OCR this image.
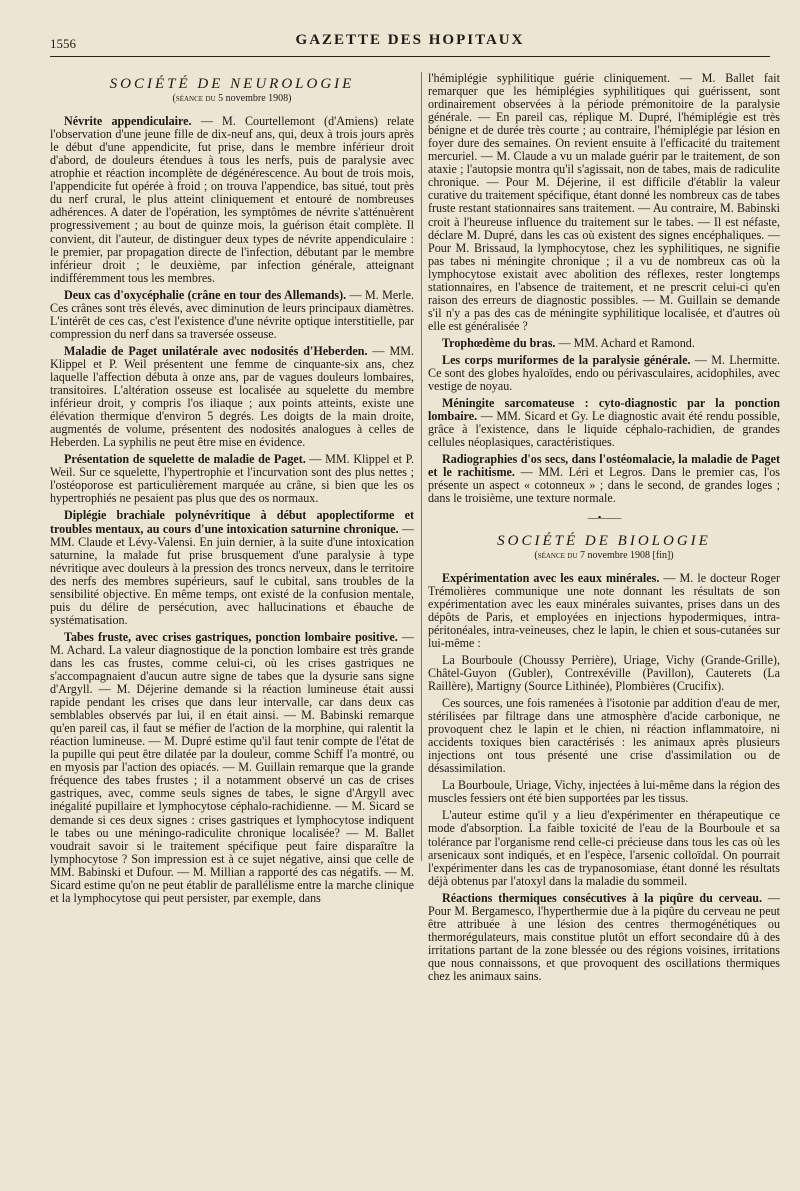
1556	GAZETTE DES HOPITAUX
SOCIÉTÉ DE NEUROLOGIE
(séance du 5 novembre 1908)

Névrite appendiculaire. — M. Courtellemont (d'Amiens) relate l'observation d'une jeune fille de dix-neuf ans, qui, deux à trois jours après le début d'une appendicite, fut prise, dans le membre inférieur droit d'abord, de douleurs étendues à tous les nerfs, puis de paralysie avec atrophie et réaction incomplète de dégénérescence. Au bout de trois mois, l'appendicite fut opérée à froid ; on trouva l'appendice, bas situé, tout près du nerf crural, le plus atteint cliniquement et entouré de nombreuses adhérences. A dater de l'opération, les symptômes de névrite s'atténuèrent progressivement ; au bout de quinze mois, la guérison était complète. Il convient, dit l'auteur, de distinguer deux types de névrite appendiculaire : le premier, par propagation directe de l'infection, débutant par le membre inférieur droit ; le deuxième, par infection générale, atteignant indifféremment tous les membres.

Deux cas d'oxycéphalie (crâne en tour des Allemands). — M. Merle. Ces crânes sont très élevés, avec diminution de leurs principaux diamètres. L'intérêt de ces cas, c'est l'existence d'une névrite optique interstitielle, par compression du nerf dans sa traversée osseuse.

Maladie de Paget unilatérale avec nodosités d'Heberden. — MM. Klippel et P. Weil présentent une femme de cinquante-six ans, chez laquelle l'affection débuta à onze ans, par de vagues douleurs lombaires, transitoires. L'altération osseuse est localisée au squelette du membre inférieur droit, y compris l'os iliaque ; aux points atteints, existe une élévation thermique d'environ 5 degrés. Les doigts de la main droite, augmentés de volume, présentent des nodosités analogues à celles de Heberden. La syphilis ne peut être mise en évidence.

Présentation de squelette de maladie de Paget. — MM. Klippel et P. Weil. Sur ce squelette, l'hypertrophie et l'incurvation sont des plus nettes ; l'ostéoporose est particulièrement marquée au crâne, si bien que les os hypertrophiés ne pesaient pas plus que des os normaux.

Diplégie brachiale polynévritique à début apoplectiforme et troubles mentaux, au cours d'une intoxication saturnine chronique. — MM. Claude et Lévy-Valensi. En juin dernier, à la suite d'une intoxication saturnine, la malade fut prise brusquement d'une paralysie à type névritique avec douleurs à la pression des troncs nerveux, dans le territoire des nerfs des membres supérieurs, sauf le cubital, sans troubles de la sensibilité objective. En même temps, ont existé de la confusion mentale, puis du délire de persécution, avec hallucinations et ébauche de systématisation.

Tabes fruste, avec crises gastriques, ponction lombaire positive. — M. Achard. La valeur diagnostique de la ponction lombaire est très grande dans les cas frustes, comme celui-ci, où les crises gastriques ne s'accompagnaient d'aucun autre signe de tabes que la dysurie sans signe d'Argyll. — M. Déjerine demande si la réaction lumineuse était aussi rapide pendant les crises que dans leur intervalle, car dans deux cas semblables observés par lui, il en était ainsi. — M. Babinski remarque qu'en pareil cas, il faut se méfier de l'action de la morphine, qui ralentit la réaction lumineuse. — M. Dupré estime qu'il faut tenir compte de l'état de la pupille qui peut être dilatée par la douleur, comme Schiff l'a montré, ou en myosis par l'action des opiacés. — M. Guillain remarque que la grande fréquence des tabes frustes ; il a notamment observé un cas de crises gastriques, avec, comme seuls signes de tabes, le signe d'Argyll avec inégalité pupillaire et lymphocytose céphalo-rachidienne. — M. Sicard se demande si ces deux signes : crises gastriques et lymphocytose indiquent le tabes ou une méningo-radiculite chronique localisée? — M. Ballet voudrait savoir si le traitement spécifique peut faire disparaître la lymphocytose ? Son impression est à ce sujet négative, ainsi que celle de MM. Babinski et Dufour. — M. Millian a rapporté des cas négatifs. — M. Sicard estime qu'on ne peut établir de parallélisme entre la marche clinique et la lymphocytose qui peut persister, par exemple, dans

l'hémiplégie syphilitique guérie cliniquement. — M. Ballet fait remarquer que les hémiplégies syphilitiques qui guérissent, sont ordinairement observées à la période prémonitoire de la paralysie générale. — En pareil cas, réplique M. Dupré, l'hémiplégie est très bénigne et de durée très courte ; au contraire, l'hémiplégie par lésion en foyer dure des semaines. On revient ensuite à l'efficacité du traitement mercuriel. — M. Claude a vu un malade guérir par le traitement, de son ataxie ; l'autopsie montra qu'il s'agissait, non de tabes, mais de radiculite chronique. — Pour M. Déjerine, il est difficile d'établir la valeur curative du traitement spécifique, étant donné les nombreux cas de tabes fruste restant stationnaires sans traitement. — Au contraire, M. Babinski croit à l'heureuse influence du traitement sur le tabes. — Il est néfaste, déclare M. Dupré, dans les cas où existent des signes encéphaliques. — Pour M. Brissaud, la lymphocytose, chez les syphilitiques, ne signifie pas tabes ni méningite chronique ; il a vu de nombreux cas où la lymphocytose existait avec abolition des réflexes, rester longtemps stationnaires, en l'absence de traitement, et ne prescrit celui-ci qu'en raison des erreurs de diagnostic possibles. — M. Guillain se demande s'il n'y a pas des cas de méningite syphilitique localisée, et d'autres où elle est généralisée ?

Trophœdème du bras. — MM. Achard et Ramond.

Les corps muriformes de la paralysie générale. — M. Lhermitte. Ce sont des globes hyaloïdes, endo ou périvasculaires, acidophiles, avec vestige de noyau.

Méningite sarcomateuse : cyto-diagnostic par la ponction lombaire. — MM. Sicard et Gy. Le diagnostic avait été rendu possible, grâce à l'existence, dans le liquide céphalo-rachidien, de grandes cellules néoplasiques, caractéristiques.

Radiographies d'os secs, dans l'ostéomalacie, la maladie de Paget et le rachitisme. — MM. Léri et Legros. Dans le premier cas, l'os présente un aspect « cotonneux » ; dans le second, de grandes loges ; dans le troisième, une texture normale.

—•——
SOCIÉTÉ DE BIOLOGIE
(séance du 7 novembre 1908 [fin])

Expérimentation avec les eaux minérales. — M. le docteur Roger Trémolières communique une note donnant les résultats de son expérimentation avec les eaux minérales suivantes, prises dans un des dépôts de Paris, et employées en injections hypodermiques, intra-péritonéales, intra-veineuses, chez le lapin, le chien et sous-cutanées sur lui-même :

La Bourboule (Choussy Perrière), Uriage, Vichy (Grande-Grille), Châtel-Guyon (Gubler), Contrexéville (Pavillon), Cauterets (La Raillère), Martigny (Source Lithinée), Plombières (Crucifix).

Ces sources, une fois ramenées à l'isotonie par addition d'eau de mer, stérilisées par filtrage dans une atmosphère d'acide carbonique, ne provoquent chez le lapin et le chien, ni réaction inflammatoire, ni accidents toxiques bien caractérisés : les animaux après plusieurs injections ont tous présenté une crise d'assimilation ou de désassimilation.

La Bourboule, Uriage, Vichy, injectées à lui-même dans la région des muscles fessiers ont été bien supportées par les tissus.

L'auteur estime qu'il y a lieu d'expérimenter en thérapeutique ce mode d'absorption. La faible toxicité de l'eau de la Bourboule et sa tolérance par l'organisme rend celle-ci précieuse dans tous les cas où les arsenicaux sont indiqués, et en l'espèce, l'arsenic colloïdal. On pourrait l'expérimenter dans les cas de trypanosomiase, étant donné les résultats déjà obtenus par l'atoxyl dans la maladie du sommeil.

Réactions thermiques consécutives à la piqûre du cerveau. — Pour M. Bergamesco, l'hyperthermie due à la piqûre du cerveau ne peut être attribuée à une lésion des centres thermogénétiques ou thermorégulateurs, mais constitue plutôt un effort secondaire dû à des irritations partant de la zone blessée ou des régions voisines, irritations que nous connaissons, et que provoquent des oscillations thermiques chez les animaux sains.
